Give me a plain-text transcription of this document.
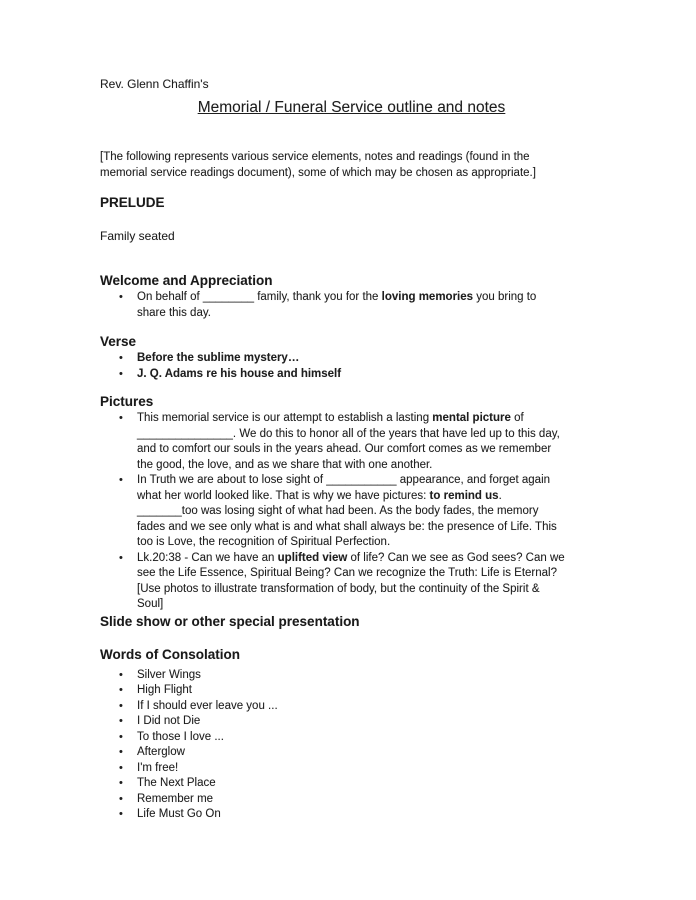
Rev. Glenn Chaffin's
Memorial / Funeral Service outline and notes

[The following represents various service elements, notes and readings (found in the memorial service readings document), some of which may be chosen as appropriate.]

PRELUDE

Family seated

Welcome and Appreciation
• On behalf of ________ family, thank you for the loving memories you bring to share this day.
Verse
• Before the sublime mystery…
• J. Q. Adams re his house and himself
Pictures
• This memorial service is our attempt to establish a lasting mental picture of _______________. We do this to honor all of the years that have led up to this day, and to comfort our souls in the years ahead. Our comfort comes as we remember the good, the love, and as we share that with one another.
• In Truth we are about to lose sight of ___________ appearance, and forget again what her world looked like. That is why we have pictures: to remind us. _______too was losing sight of what had been. As the body fades, the memory fades and we see only what is and what shall always be: the presence of Life. This too is Love, the recognition of Spiritual Perfection.
• Lk.20:38 - Can we have an uplifted view of life? Can we see as God sees? Can we see the Life Essence, Spiritual Being? Can we recognize the Truth: Life is Eternal? [Use photos to illustrate transformation of body, but the continuity of the Spirit & Soul]
Slide show or other special presentation
Words of Consolation
• Silver Wings
• High Flight
• If I should ever leave you ...
• I Did not Die
• To those I love ...
• Afterglow
• I'm free!
• The Next Place
• Remember me
• Life Must Go On
